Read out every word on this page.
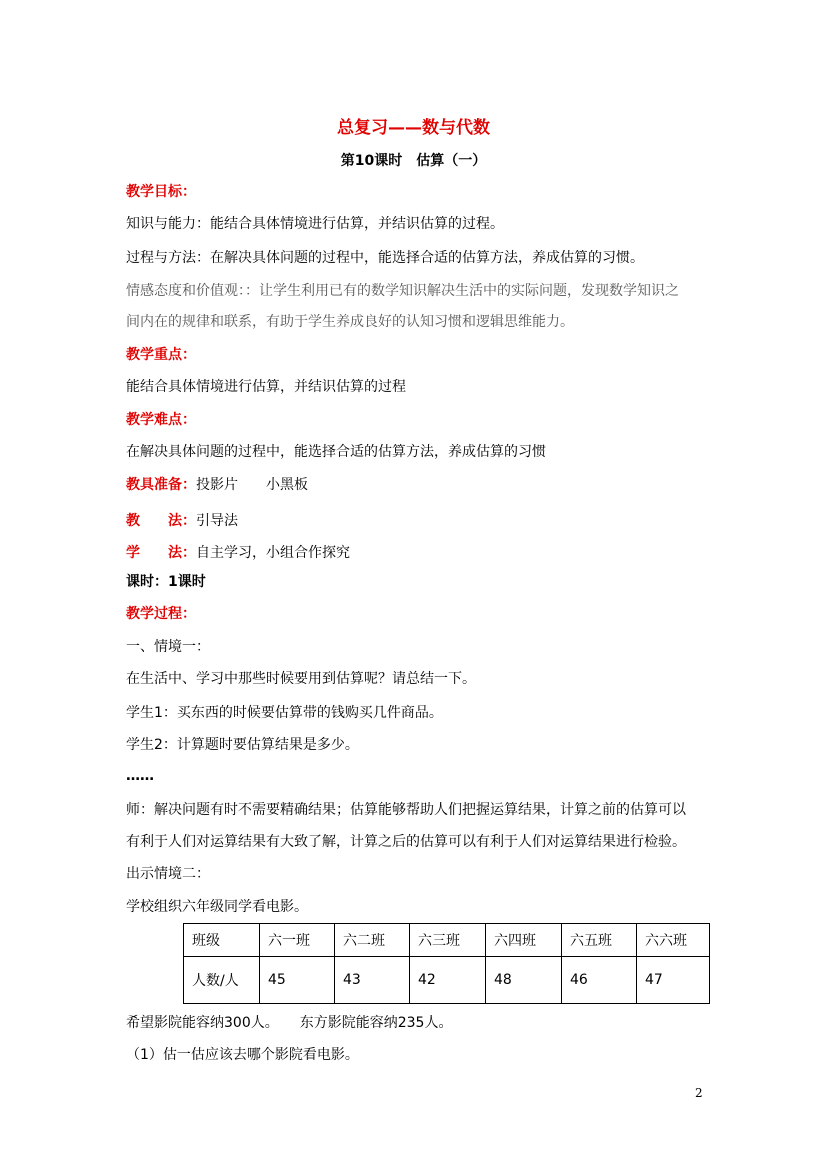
总复习——数与代数
第10课时　估算（一）
教学目标：
知识与能力：能结合具体情境进行估算，并结识估算的过程。
过程与方法：在解决具体问题的过程中，能选择合适的估算方法，养成估算的习惯。
情感态度和价值观：：让学生利用已有的数学知识解决生活中的实际问题，发现数学知识之
间内在的规律和联系，有助于学生养成良好的认知习惯和逻辑思维能力。
教学重点：
能结合具体情境进行估算，并结识估算的过程
教学难点：
在解决具体问题的过程中，能选择合适的估算方法，养成估算的习惯
教具准备：投影片　　小黑板
教　　法：引导法
学　　法：自主学习，小组合作探究
课时：1课时
教学过程：
一、情境一：
在生活中、学习中那些时候要用到估算呢？请总结一下。
学生1：买东西的时候要估算带的钱购买几件商品。
学生2：计算题时要估算结果是多少。
……
师：解决问题有时不需要精确结果；估算能够帮助人们把握运算结果，计算之前的估算可以
有利于人们对运算结果有大致了解，计算之后的估算可以有利于人们对运算结果进行检验。
出示情境二：
学校组织六年级同学看电影。
班级	六一班	六二班	六三班	六四班	六五班	六六班
人数/人	45	43	42	48	46	47
希望影院能容纳300人。　　东方影院能容纳235人。
（1）估一估应该去哪个影院看电影。
2
